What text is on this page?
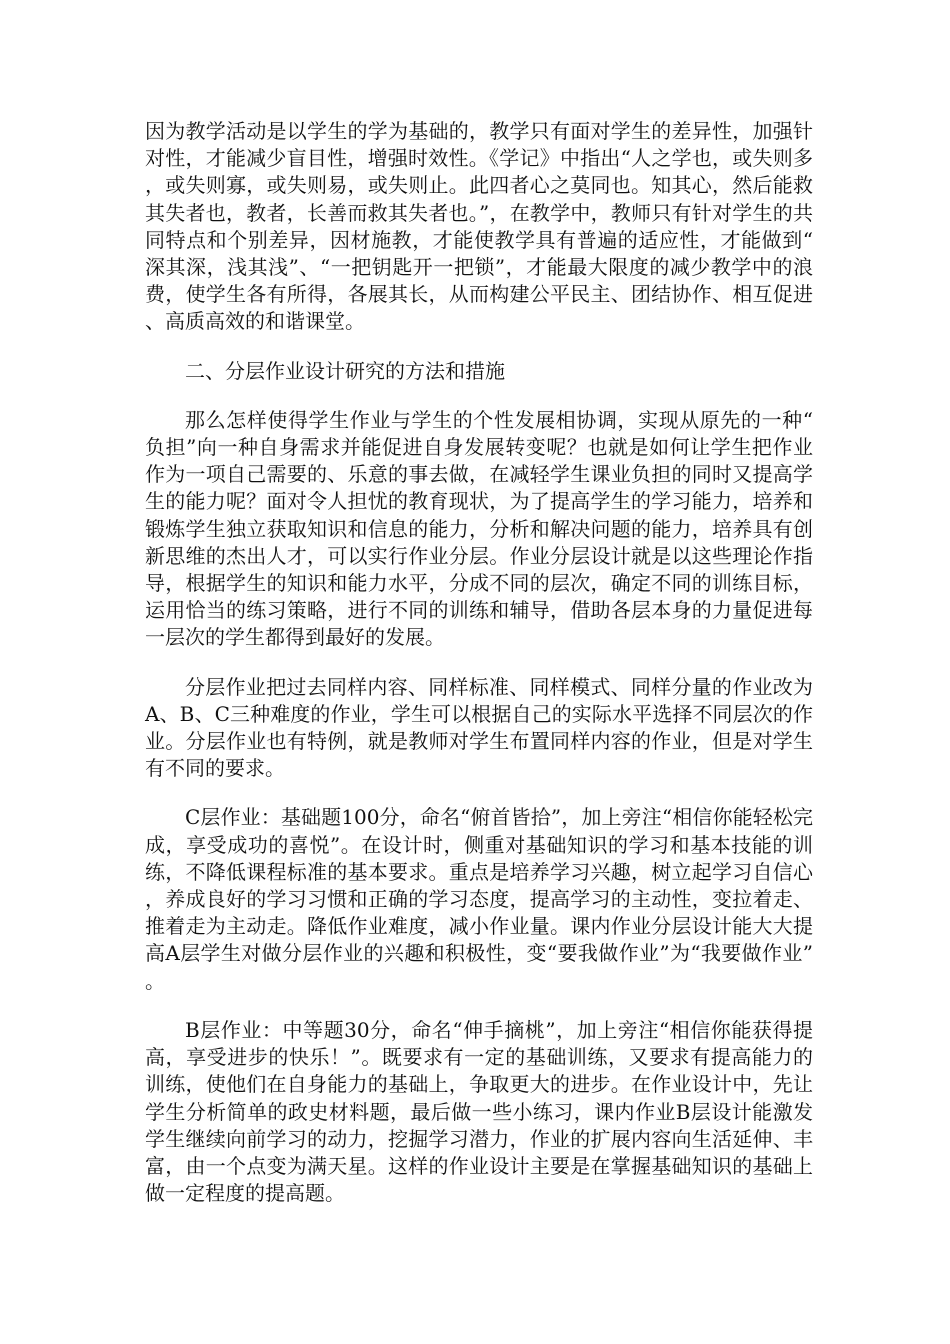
因为教学活动是以学生的学为基础的，教学只有面对学生的差异性，加强针对性，才能减少盲目性，增强时效性。《学记》中指出“人之学也，或失则多，或失则寡，或失则易，或失则止。此四者心之莫同也。知其心，然后能救其失者也，教者，长善而救其失者也。”，在教学中，教师只有针对学生的共同特点和个别差异，因材施教，才能使教学具有普遍的适应性，才能做到“深其深，浅其浅”、“一把钥匙开一把锁”，才能最大限度的减少教学中的浪费，使学生各有所得，各展其长，从而构建公平民主、团结协作、相互促进、高质高效的和谐课堂。

二、分层作业设计研究的方法和措施

那么怎样使得学生作业与学生的个性发展相协调，实现从原先的一种“负担”向一种自身需求并能促进自身发展转变呢？也就是如何让学生把作业作为一项自己需要的、乐意的事去做，在减轻学生课业负担的同时又提高学生的能力呢？面对令人担忧的教育现状，为了提高学生的学习能力，培养和锻炼学生独立获取知识和信息的能力，分析和解决问题的能力，培养具有创新思维的杰出人才，可以实行作业分层。作业分层设计就是以这些理论作指导，根据学生的知识和能力水平，分成不同的层次，确定不同的训练目标，运用恰当的练习策略，进行不同的训练和辅导，借助各层本身的力量促进每一层次的学生都得到最好的发展。

分层作业把过去同样内容、同样标准、同样模式、同样分量的作业改为A、B、C三种难度的作业，学生可以根据自己的实际水平选择不同层次的作业。分层作业也有特例，就是教师对学生布置同样内容的作业，但是对学生有不同的要求。

C层作业：基础题100分，命名“俯首皆拾”，加上旁注“相信你能轻松完成，享受成功的喜悦”。在设计时，侧重对基础知识的学习和基本技能的训练，不降低课程标准的基本要求。重点是培养学习兴趣，树立起学习自信心，养成良好的学习习惯和正确的学习态度，提高学习的主动性，变拉着走、推着走为主动走。降低作业难度，减小作业量。课内作业分层设计能大大提高A层学生对做分层作业的兴趣和积极性，变“要我做作业”为“我要做作业”。

B层作业：中等题30分，命名“伸手摘桃”，加上旁注“相信你能获得提高，享受进步的快乐！”。既要求有一定的基础训练，又要求有提高能力的训练，使他们在自身能力的基础上，争取更大的进步。在作业设计中，先让学生分析简单的政史材料题，最后做一些小练习，课内作业B层设计能激发学生继续向前学习的动力，挖掘学习潜力，作业的扩展内容向生活延伸、丰富，由一个点变为满天星。这样的作业设计主要是在掌握基础知识的基础上做一定程度的提高题。
